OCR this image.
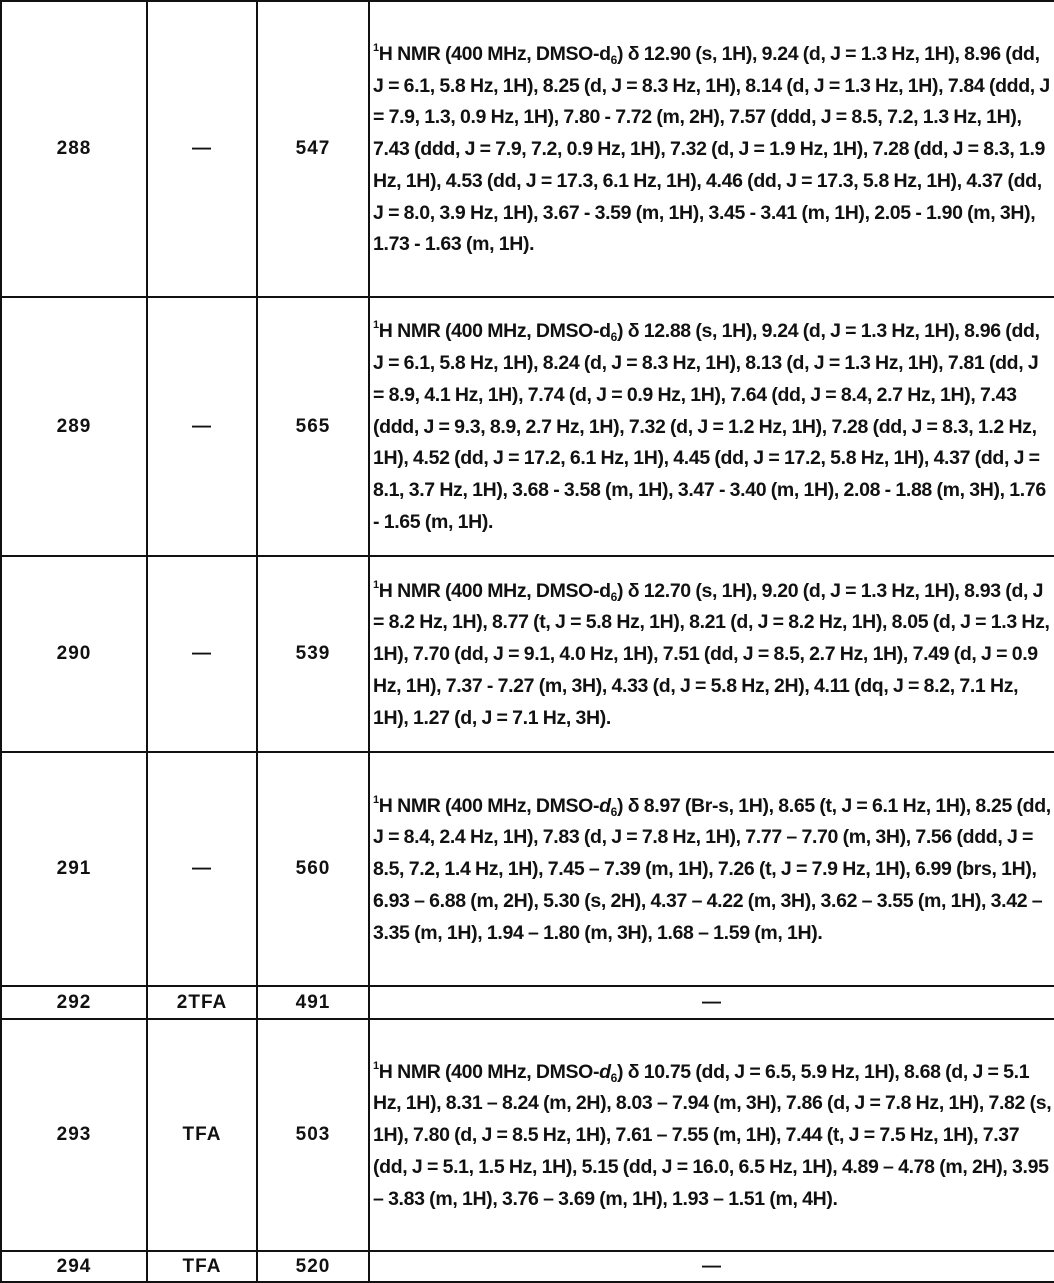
288	—	547	1H NMR (400 MHz, DMSO-d6) δ 12.90 (s, 1H), 9.24 (d, J = 1.3 Hz, 1H), 8.96 (dd, J = 6.1, 5.8 Hz, 1H), 8.25 (d, J = 8.3 Hz, 1H), 8.14 (d, J = 1.3 Hz, 1H), 7.84 (ddd, J = 7.9, 1.3, 0.9 Hz, 1H), 7.80 - 7.72 (m, 2H), 7.57 (ddd, J = 8.5, 7.2, 1.3 Hz, 1H), 7.43 (ddd, J = 7.9, 7.2, 0.9 Hz, 1H), 7.32 (d, J = 1.9 Hz, 1H), 7.28 (dd, J = 8.3, 1.9 Hz, 1H), 4.53 (dd, J = 17.3, 6.1 Hz, 1H), 4.46 (dd, J = 17.3, 5.8 Hz, 1H), 4.37 (dd, J = 8.0, 3.9 Hz, 1H), 3.67 - 3.59 (m, 1H), 3.45 - 3.41 (m, 1H), 2.05 - 1.90 (m, 3H), 1.73 - 1.63 (m, 1H).
289	—	565	1H NMR (400 MHz, DMSO-d6) δ 12.88 (s, 1H), 9.24 (d, J = 1.3 Hz, 1H), 8.96 (dd, J = 6.1, 5.8 Hz, 1H), 8.24 (d, J = 8.3 Hz, 1H), 8.13 (d, J = 1.3 Hz, 1H), 7.81 (dd, J = 8.9, 4.1 Hz, 1H), 7.74 (d, J = 0.9 Hz, 1H), 7.64 (dd, J = 8.4, 2.7 Hz, 1H), 7.43 (ddd, J = 9.3, 8.9, 2.7 Hz, 1H), 7.32 (d, J = 1.2 Hz, 1H), 7.28 (dd, J = 8.3, 1.2 Hz, 1H), 4.52 (dd, J = 17.2, 6.1 Hz, 1H), 4.45 (dd, J = 17.2, 5.8 Hz, 1H), 4.37 (dd, J = 8.1, 3.7 Hz, 1H), 3.68 - 3.58 (m, 1H), 3.47 - 3.40 (m, 1H), 2.08 - 1.88 (m, 3H), 1.76 - 1.65 (m, 1H).
290	—	539	1H NMR (400 MHz, DMSO-d6) δ 12.70 (s, 1H), 9.20 (d, J = 1.3 Hz, 1H), 8.93 (d, J = 8.2 Hz, 1H), 8.77 (t, J = 5.8 Hz, 1H), 8.21 (d, J = 8.2 Hz, 1H), 8.05 (d, J = 1.3 Hz, 1H), 7.70 (dd, J = 9.1, 4.0 Hz, 1H), 7.51 (dd, J = 8.5, 2.7 Hz, 1H), 7.49 (d, J = 0.9 Hz, 1H), 7.37 - 7.27 (m, 3H), 4.33 (d, J = 5.8 Hz, 2H), 4.11 (dq, J = 8.2, 7.1 Hz, 1H), 1.27 (d, J = 7.1 Hz, 3H).
291	—	560	1H NMR (400 MHz, DMSO-d6) δ 8.97 (Br-s, 1H), 8.65 (t, J = 6.1 Hz, 1H), 8.25 (dd, J = 8.4, 2.4 Hz, 1H), 7.83 (d, J = 7.8 Hz, 1H), 7.77 – 7.70 (m, 3H), 7.56 (ddd, J = 8.5, 7.2, 1.4 Hz, 1H), 7.45 – 7.39 (m, 1H), 7.26 (t, J = 7.9 Hz, 1H), 6.99 (brs, 1H), 6.93 – 6.88 (m, 2H), 5.30 (s, 2H), 4.37 – 4.22 (m, 3H), 3.62 – 3.55 (m, 1H), 3.42 – 3.35 (m, 1H), 1.94 – 1.80 (m, 3H), 1.68 – 1.59 (m, 1H).
292	2TFA	491	—
293	TFA	503	1H NMR (400 MHz, DMSO-d6) δ 10.75 (dd, J = 6.5, 5.9 Hz, 1H), 8.68 (d, J = 5.1 Hz, 1H), 8.31 – 8.24 (m, 2H), 8.03 – 7.94 (m, 3H), 7.86 (d, J = 7.8 Hz, 1H), 7.82 (s, 1H), 7.80 (d, J = 8.5 Hz, 1H), 7.61 – 7.55 (m, 1H), 7.44 (t, J = 7.5 Hz, 1H), 7.37 (dd, J = 5.1, 1.5 Hz, 1H), 5.15 (dd, J = 16.0, 6.5 Hz, 1H), 4.89 – 4.78 (m, 2H), 3.95 – 3.83 (m, 1H), 3.76 – 3.69 (m, 1H), 1.93 – 1.51 (m, 4H).
294	TFA	520	—
